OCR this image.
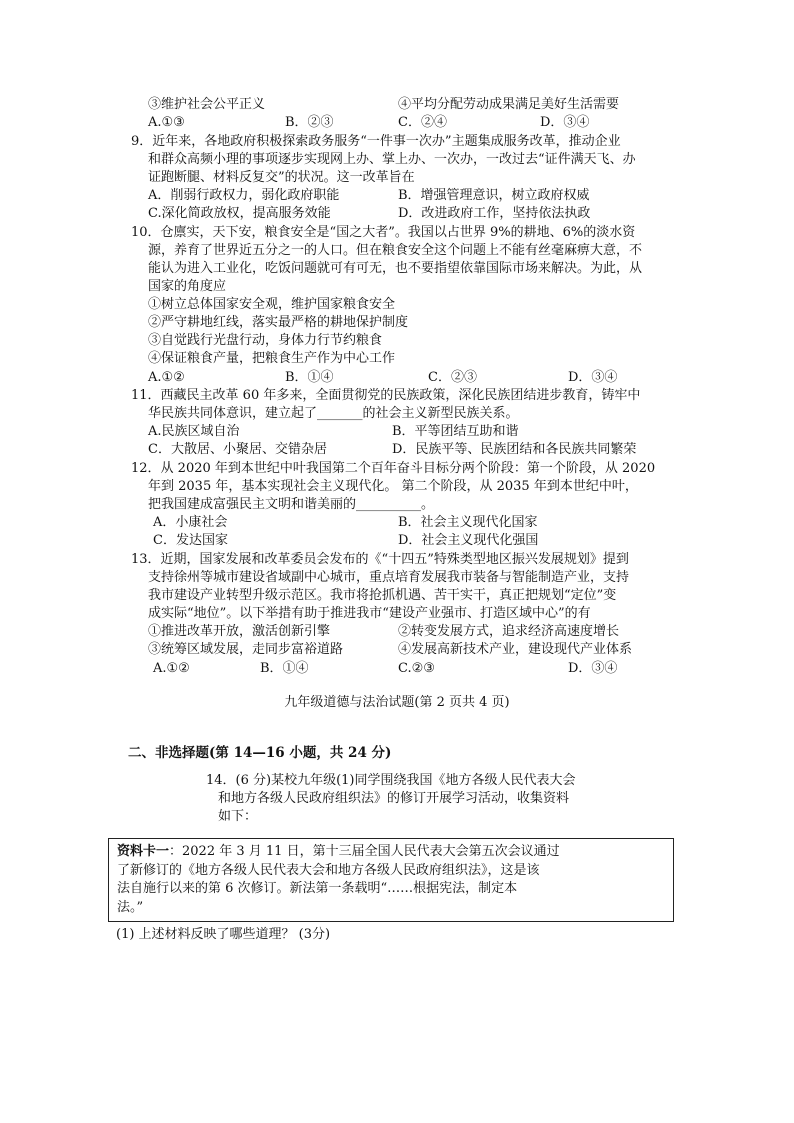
③维护社会公平正义	④平均分配劳动成果满足美好生活需要
A.①③	B．②③	C．②④	D．③④
9．近年来，各地政府积极探索政务服务“一件事一次办”主题集成服务改革，推动企业
和群众高频小理的事项逐步实现网上办、掌上办、一次办，一改过去“证件满天飞、办
证跑断腿、材料反复交”的状况。这一改革旨在
A．削弱行政权力，弱化政府职能	B．增强管理意识，树立政府权威
C.深化简政放权，提高服务效能	D．改进政府工作，坚持依法执政
10．仓廪实，天下安，粮食安全是“国之大者”。我国以占世界 9%的耕地、6%的淡水资
源，养育了世界近五分之一的人口。但在粮食安全这个问题上不能有丝毫麻痹大意，不
能认为进入工业化，吃饭问题就可有可无，也不要指望依靠国际市场来解决。为此，从
国家的角度应
①树立总体国家安全观，维护国家粮食安全
②严守耕地红线，落实最严格的耕地保护制度
③自觉践行光盘行动，身体力行节约粮食
④保证粮食产量，把粮食生产作为中心工作
A.①②	B．①④	C．②③	D．③④
11．西藏民主改革 60 年多来，全面贯彻党的民族政策，深化民族团结进步教育，铸牢中
华民族共同体意识，建立起了_______的社会主义新型民族关系。
A.民族区域自治	B．平等团结互助和谐
C．大散居、小聚居、交错杂居	D．民族平等、民族团结和各民族共同繁荣
12．从 2020 年到本世纪中叶我国第二个百年奋斗目标分两个阶段：第一个阶段，从 2020
年到 2035 年，基本实现社会主义现代化。 第二个阶段，从 2035 年到本世纪中叶，
把我国建成富强民主文明和谐美丽的__________。
A．小康社会	B．社会主义现代化国家
C．发达国家	D．社会主义现代化强国
13．近期，国家发展和改革委员会发布的《“十四五”特殊类型地区振兴发展规划》提到
支持徐州等城市建设省域副中心城市，重点培育发展我市装备与智能制造产业，支持
我市建设产业转型升级示范区。我市将抢抓机遇、苦干实干，真正把规划“定位”变
成实际“地位”。以下举措有助于推进我市“建设产业强市、打造区域中心”的有
①推进改革开放，激活创新引擎	②转变发展方式，追求经济高速度增长
③统筹区域发展，走同步富裕道路	④发展高新技术产业，建设现代产业体系
A.①②	B．①④	C.②③	D．③④
九年级道德与法治试题(第 2 页共 4 页)
二、非选择题(第 14—16 小题，共 24 分)
14．(6 分)某校九年级(1)同学围绕我国《地方各级人民代表大会
和地方各级人民政府组织法》的修订开展学习活动，收集资料
如下：

资料卡一：2022 年 3 月 11 日，第十三届全国人民代表大会第五次会议通过

了新修订的《地方各级人民代表大会和地方各级人民政府组织法》，这是该

法自施行以来的第 6 次修订。新法第一条载明“……根据宪法，制定本

法。”

(1) 上述材料反映了哪些道理？ (3分)
